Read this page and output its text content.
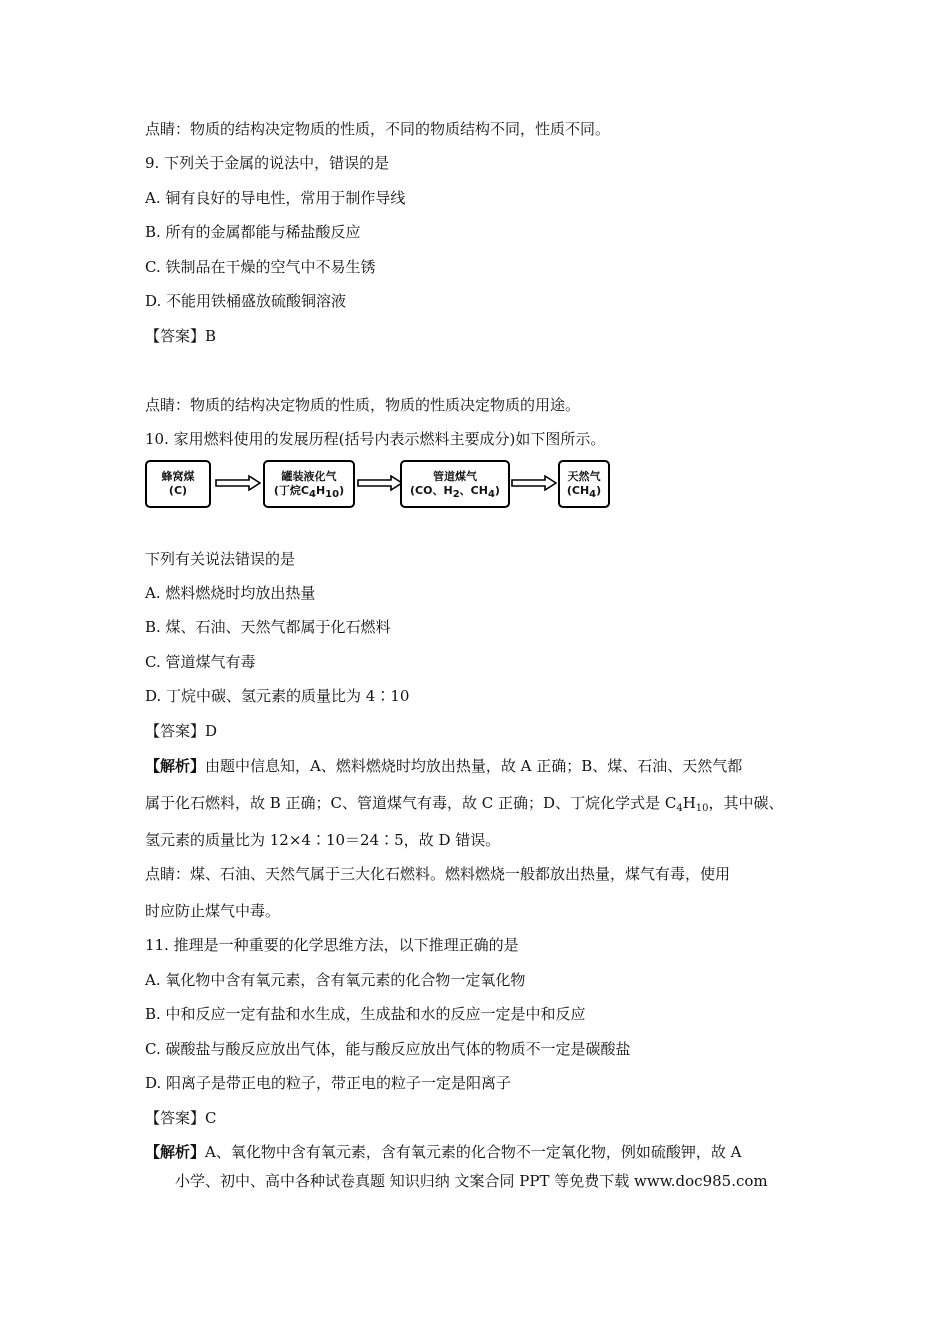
点睛：物质的结构决定物质的性质，不同的物质结构不同，性质不同。
9. 下列关于金属的说法中，错误的是
A. 铜有良好的导电性，常用于制作导线
B. 所有的金属都能与稀盐酸反应
C. 铁制品在干燥的空气中不易生锈
D. 不能用铁桶盛放硫酸铜溶液
【答案】B
点睛：物质的结构决定物质的性质，物质的性质决定物质的用途。
10. 家用燃料使用的发展历程(括号内表示燃料主要成分)如下图所示。
蜂窝煤
(C)
罐装液化气
(丁烷$C_4H_{10}$)
管道煤气
(CO、$H_2$、$CH_4$)
天然气
$(CH_4)$
下列有关说法错误的是
A. 燃料燃烧时均放出热量
B. 煤、石油、天然气都属于化石燃料
C. 管道煤气有毒
D. 丁烷中碳、氢元素的质量比为 4∶10
【答案】D
【解析】由题中信息知，A、燃料燃烧时均放出热量，故 A 正确；B、煤、石油、天然气都
属于化石燃料，故 B 正确；C、管道煤气有毒，故 C 正确；D、丁烷化学式是 $C_4H_{10}$，其中碳、
氢元素的质量比为 12×4∶10＝24∶5，故 D 错误。
点睛：煤、石油、天然气属于三大化石燃料。燃料燃烧一般都放出热量，煤气有毒，使用
时应防止煤气中毒。
11. 推理是一种重要的化学思维方法，以下推理正确的是
A. 氧化物中含有氧元素，含有氧元素的化合物一定氧化物
B. 中和反应一定有盐和水生成，生成盐和水的反应一定是中和反应
C. 碳酸盐与酸反应放出气体，能与酸反应放出气体的物质不一定是碳酸盐
D. 阳离子是带正电的粒子，带正电的粒子一定是阳离子
【答案】C
【解析】A、氧化物中含有氧元素，含有氧元素的化合物不一定氧化物，例如硫酸钾，故 A
小学、初中、高中各种试卷真题 知识归纳 文案合同 PPT 等免费下载 www.doc985.com
